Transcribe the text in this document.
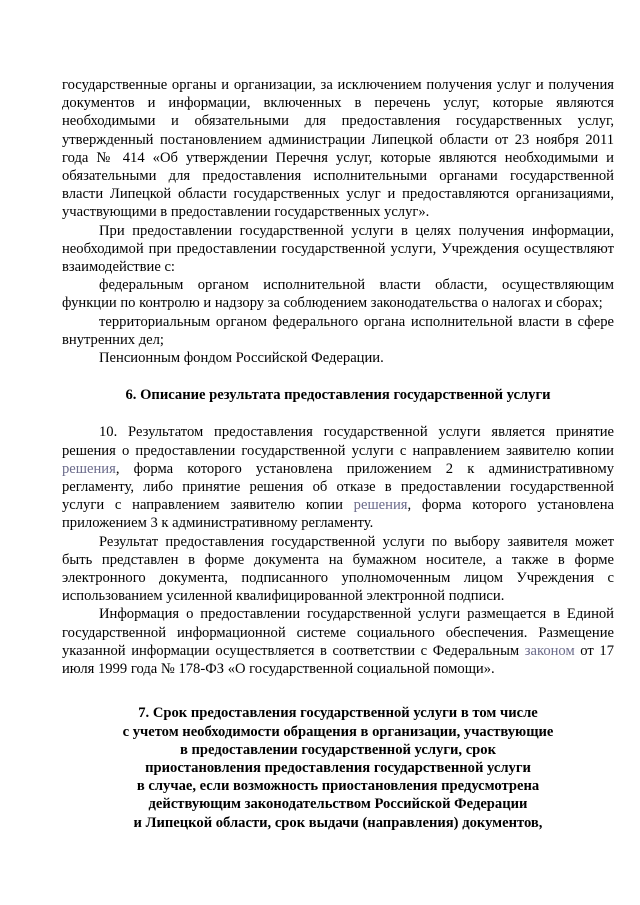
государственные органы и организации, за исключением получения услуг и получения документов и информации, включенных в перечень услуг, которые являются необходимыми и обязательными для предоставления государственных услуг, утвержденный постановлением администрации Липецкой области от 23 ноября 2011 года № 414 «Об утверждении Перечня услуг, которые являются необходимыми и обязательными для предоставления исполнительными органами государственной власти Липецкой области государственных услуг и предоставляются организациями, участвующими в предоставлении государственных услуг».

При предоставлении государственной услуги в целях получения информации, необходимой при предоставлении государственной услуги, Учреждения осуществляют взаимодействие с:

федеральным органом исполнительной власти области, осуществляющим функции по контролю и надзору за соблюдением законодательства о налогах и сборах;

территориальным органом федерального органа исполнительной власти в сфере внутренних дел;

Пенсионным фондом Российской Федерации.

6. Описание результата предоставления государственной услуги

10. Результатом предоставления государственной услуги является принятие решения о предоставлении государственной услуги с направлением заявителю копии решения, форма которого установлена приложением 2 к административному регламенту, либо принятие решения об отказе в предоставлении государственной услуги с направлением заявителю копии решения, форма которого установлена приложением 3 к административному регламенту.

Результат предоставления государственной услуги по выбору заявителя может быть представлен в форме документа на бумажном носителе, а также в форме электронного документа, подписанного уполномоченным лицом Учреждения с использованием усиленной квалифицированной электронной подписи.

Информация о предоставлении государственной услуги размещается в Единой государственной информационной системе социального обеспечения. Размещение указанной информации осуществляется в соответствии с Федеральным законом от 17 июля 1999 года № 178-ФЗ «О государственной социальной помощи».

7. Срок предоставления государственной услуги в том числе
с учетом необходимости обращения в организации, участвующие
в предоставлении государственной услуги, срок
приостановления предоставления государственной услуги
в случае, если возможность приостановления предусмотрена
действующим законодательством Российской Федерации
и Липецкой области, срок выдачи (направления) документов,
